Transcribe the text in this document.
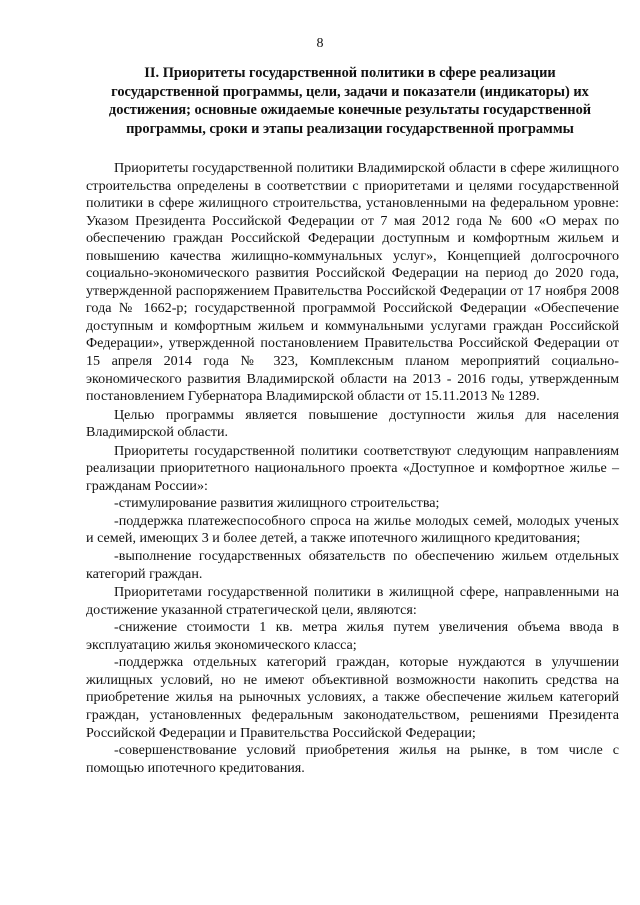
8
II. Приоритеты государственной политики в сфере реализации государственной программы, цели, задачи и показатели (индикаторы) их достижения; основные ожидаемые конечные результаты государственной программы, сроки и этапы реализации государственной программы

Приоритеты государственной политики Владимирской области в сфере жилищного строительства определены в соответствии с приоритетами и целями государственной политики в сфере жилищного строительства, установленными на федеральном уровне: Указом Президента Российской Федерации от 7 мая 2012 года № 600 «О мерах по обеспечению граждан Российской Федерации доступным и комфортным жильем и повышению качества жилищно-коммунальных услуг», Концепцией долгосрочного социально-экономического развития Российской Федерации на период до 2020 года, утвержденной распоряжением Правительства Российской Федерации от 17 ноября 2008 года № 1662-р; государственной программой Российской Федерации «Обеспечение доступным и комфортным жильем и коммунальными услугами граждан Российской Федерации», утвержденной постановлением Правительства Российской Федерации от 15 апреля 2014 года № 323, Комплексным планом мероприятий социально-экономического развития Владимирской области на 2013 - 2016 годы, утвержденным постановлением Губернатора Владимирской области от 15.11.2013 № 1289.

Целью программы является повышение доступности жилья для населения Владимирской области.

Приоритеты государственной политики соответствуют следующим направлениям реализации приоритетного национального проекта «Доступное и комфортное жилье – гражданам России»:

-стимулирование развития жилищного строительства;

-поддержка платежеспособного спроса на жилье молодых семей, молодых ученых и семей, имеющих 3 и более детей, а также ипотечного жилищного кредитования;

-выполнение государственных обязательств по обеспечению жильем отдельных категорий граждан.

Приоритетами государственной политики в жилищной сфере, направленными на достижение указанной стратегической цели, являются:

-снижение стоимости 1 кв. метра жилья путем увеличения объема ввода в эксплуатацию жилья экономического класса;

-поддержка отдельных категорий граждан, которые нуждаются в улучшении жилищных условий, но не имеют объективной возможности накопить средства на приобретение жилья на рыночных условиях, а также обеспечение жильем категорий граждан, установленных федеральным законодательством, решениями Президента Российской Федерации и Правительства Российской Федерации;

-совершенствование условий приобретения жилья на рынке, в том числе с помощью ипотечного кредитования.
